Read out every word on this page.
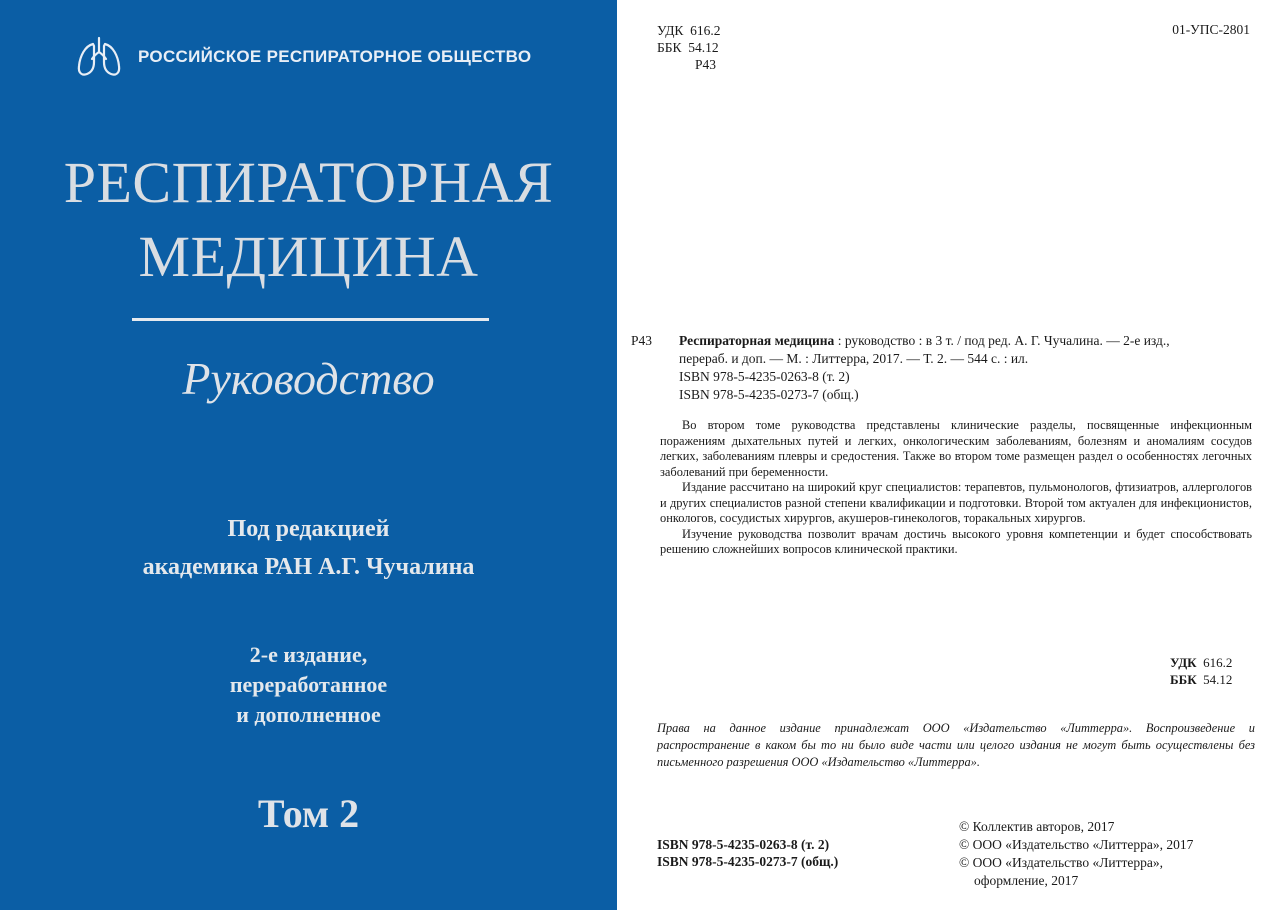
РОССИЙСКОЕ РЕСПИРАТОРНОЕ ОБЩЕСТВО
РЕСПИРАТОРНАЯ
МЕДИЦИНА
Руководство
Под редакцией
академика РАН А.Г. Чучалина
2-е издание,
переработанное
и дополненное
Том 2
УДК 616.2
ББК 54.12
Р43
01-УПС-2801
Р43 Респираторная медицина : руководство : в 3 т. / под ред. А. Г. Чучалина. — 2-е изд.,
перераб. и доп. — М. : Литтерра, 2017. — Т. 2. — 544 с. : ил.
ISBN 978-5-4235-0263-8 (т. 2)
ISBN 978-5-4235-0273-7 (общ.)

Во втором томе руководства представлены клинические разделы, посвященные инфекционным поражениям дыхательных путей и легких, онкологическим заболеваниям, болезням и аномалиям сосудов легких, заболеваниям плевры и средостения. Также во втором томе размещен раздел о особенностях легочных заболеваний при беременности.

Издание рассчитано на широкий круг специалистов: терапевтов, пульмонологов, фтизиатров, аллергологов и других специалистов разной степени квалификации и подготовки. Второй том актуален для инфекционистов, онкологов, сосудистых хирургов, акушеров-гинекологов, торакальных хирургов.

Изучение руководства позволит врачам достичь высокого уровня компетенции и будет способствовать решению сложнейших вопросов клинической практики.

УДК 616.2
ББК 54.12
Права на данное издание принадлежат ООО «Издательство «Литтерра». Воспроизведение и распространение в каком бы то ни было виде части или целого издания не могут быть осуществлены без письменного разрешения ООО «Издательство «Литтерра».
ISBN 978-5-4235-0263-8 (т. 2)
ISBN 978-5-4235-0273-7 (общ.)
© Коллектив авторов, 2017
© ООО «Издательство «Литтерра», 2017
© ООО «Издательство «Литтерра»,
оформление, 2017
